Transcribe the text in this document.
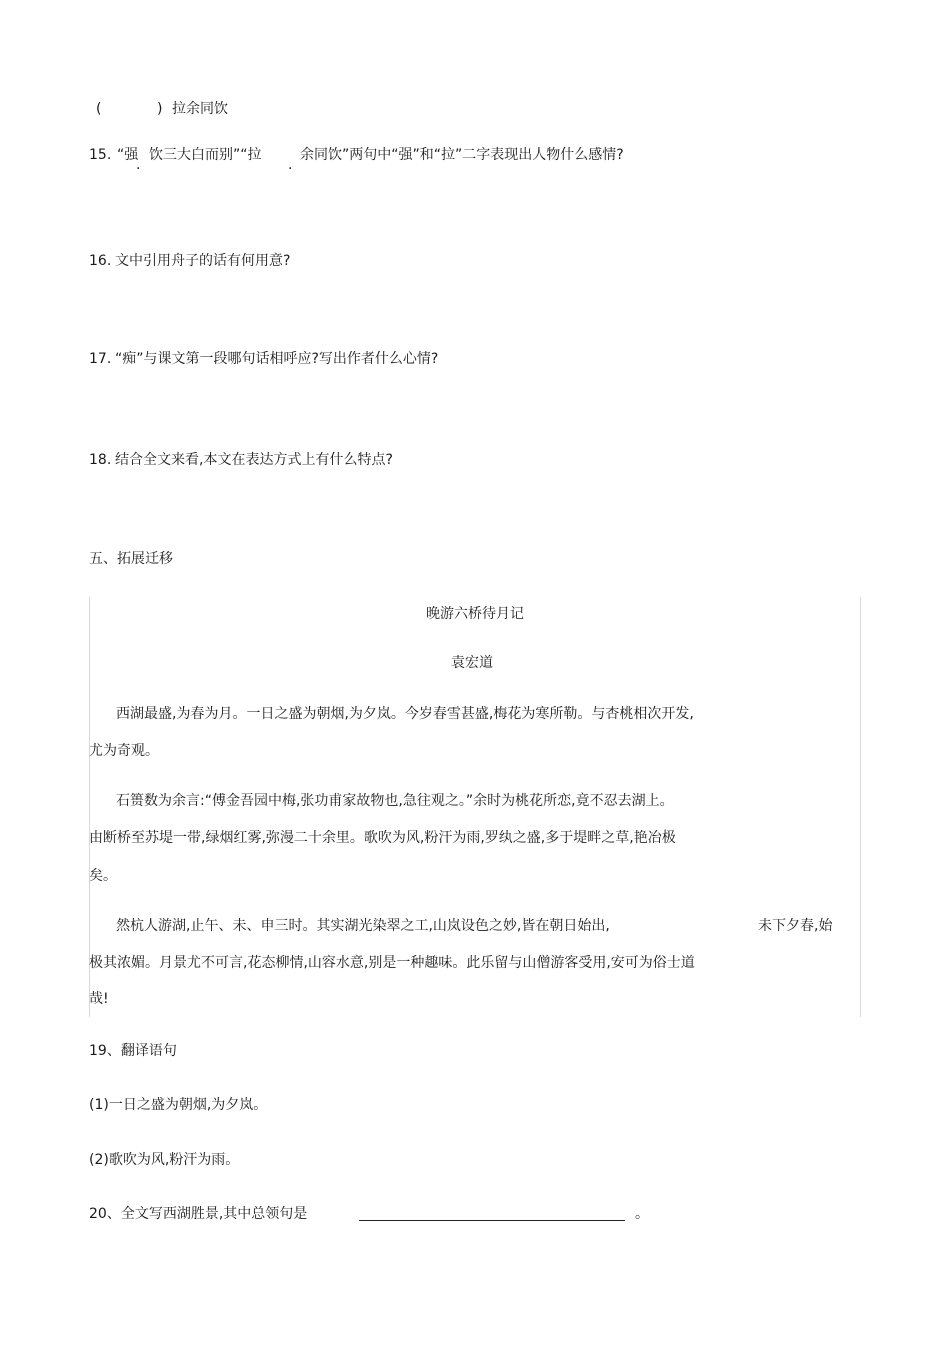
(	) 拉余同饮
15. “强
·
饮三大白而别”“拉
·
余同饮”两句中“强”和“拉”二字表现出人物什么感情?
16. 文中引用舟子的话有何用意?
17. “痴”与课文第一段哪句话相呼应?写出作者什么心情?
18. 结合全文来看,本文在表达方式上有什么特点?
五、拓展迁移
晚游六桥待月记
袁宏道
西湖最盛,为春为月。一日之盛为朝烟,为夕岚。今岁春雪甚盛,梅花为寒所勒。与杏桃相次开发,
尤为奇观。
石篑数为余言:“傅金吾园中梅,张功甫家故物也,急往观之。”余时为桃花所恋,竟不忍去湖上。
由断桥至苏堤一带,绿烟红雾,弥漫二十余里。歌吹为风,粉汗为雨,罗纨之盛,多于堤畔之草,艳冶极
矣。
然杭人游湖,止午、未、申三时。其实湖光染翠之工,山岚设色之妙,皆在朝日始出,	未下夕春,始
极其浓媚。月景尤不可言,花态柳情,山容水意,别是一种趣味。此乐留与山僧游客受用,安可为俗士道
哉!
19、翻译语句
(1)一日之盛为朝烟,为夕岚。
(2)歌吹为风,粉汗为雨。
20、全文写西湖胜景,其中总领句是	。
